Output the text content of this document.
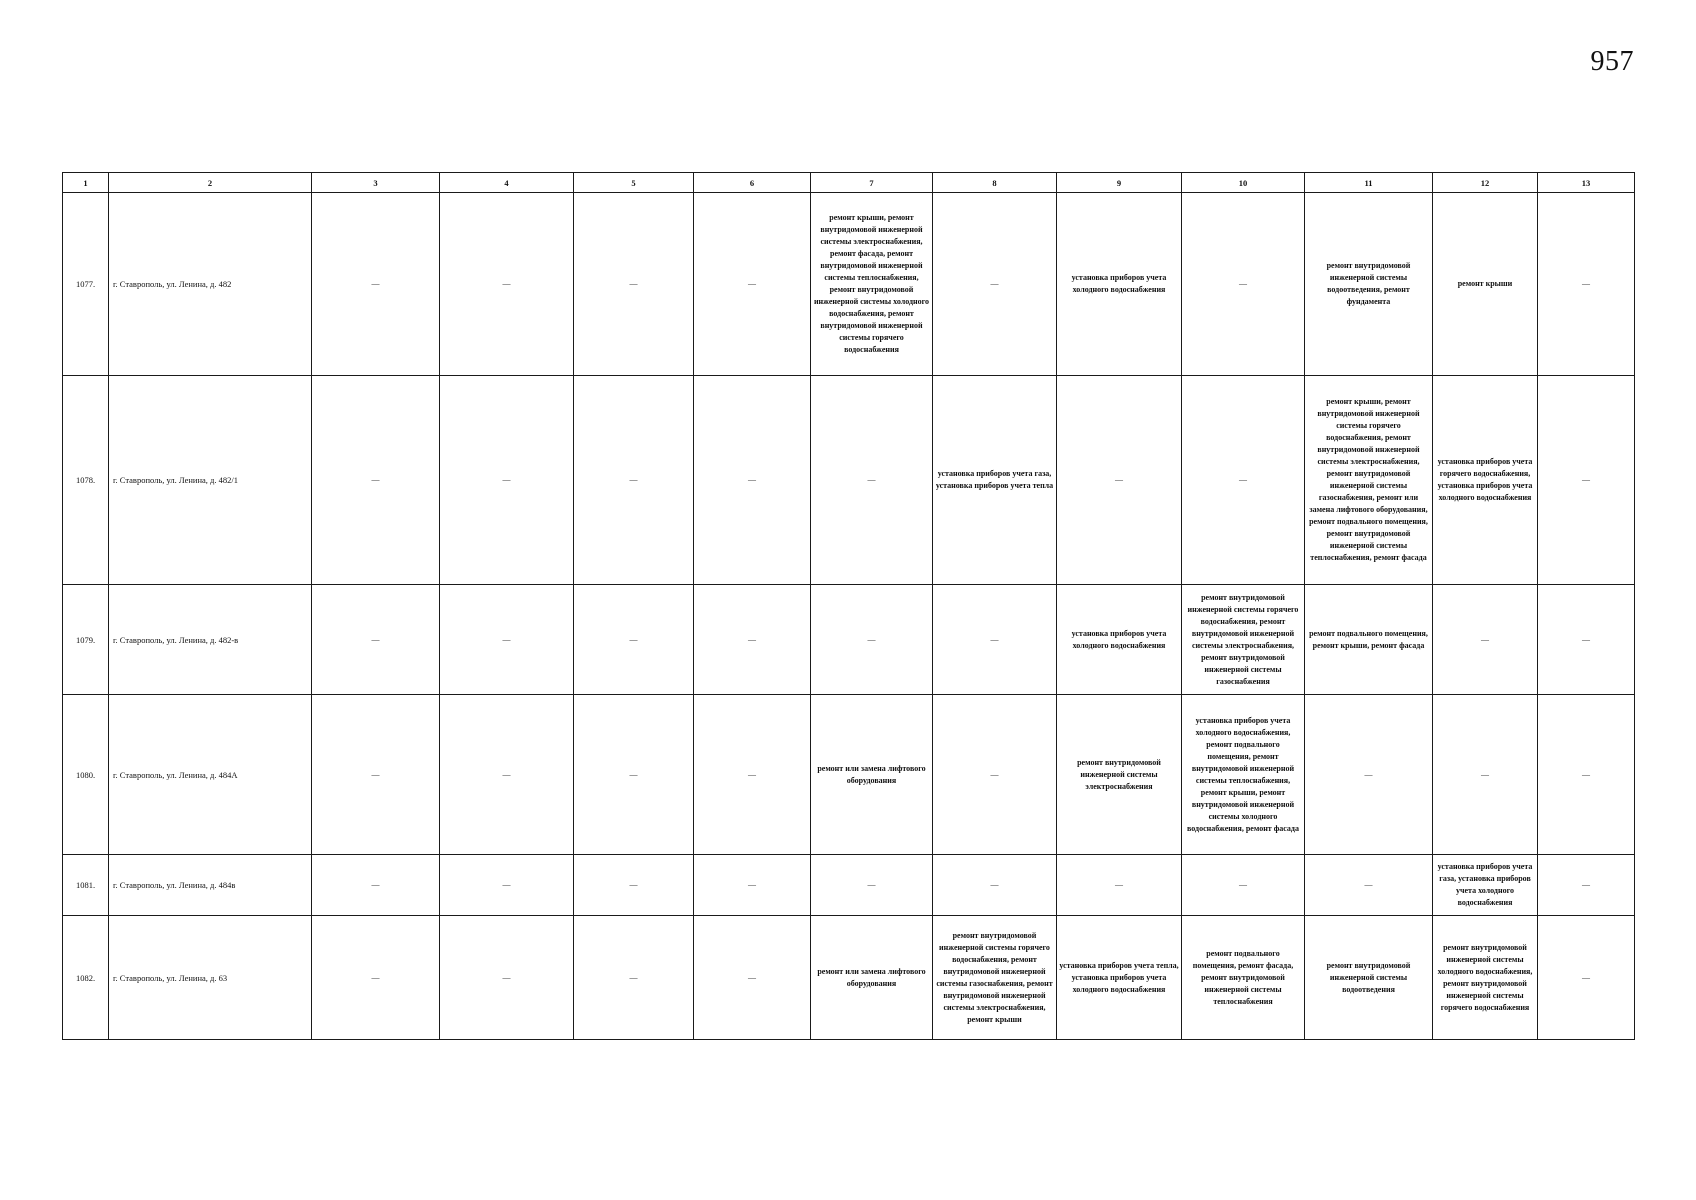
957
1	2	3	4	5	6	7	8	9	10	11	12	13
1077.	г. Ставрополь, ул. Ленина, д. 482	—	—	—	—	ремонт крыши, ремонт внутридомовой инженерной системы электроснабжения, ремонт фасада, ремонт внутридомовой инженерной системы теплоснабжения, ремонт внутридомовой инженерной системы холодного водоснабжения, ремонт внутридомовой инженерной системы горячего водоснабжения	—	установка приборов учета холодного водоснабжения	—	ремонт внутридомовой инженерной системы водоотведения, ремонт фундамента	ремонт крыши	—
1078.	г. Ставрополь, ул. Ленина, д. 482/1	—	—	—	—	—	установка приборов учета газа, установка приборов учета тепла	—	—	ремонт крыши, ремонт внутридомовой инженерной системы горячего водоснабжения, ремонт внутридомовой инженерной системы электроснабжения, ремонт внутридомовой инженерной системы газоснабжения, ремонт или замена лифтового оборудования, ремонт подвального помещения, ремонт внутридомовой инженерной системы теплоснабжения, ремонт фасада	установка приборов учета горячего водоснабжения, установка приборов учета холодного водоснабжения	—
1079.	г. Ставрополь, ул. Ленина, д. 482-в	—	—	—	—	—	—	установка приборов учета холодного водоснабжения	ремонт внутридомовой инженерной системы горячего водоснабжения, ремонт внутридомовой инженерной системы электроснабжения, ремонт внутридомовой инженерной системы газоснабжения	ремонт подвального помещения, ремонт крыши, ремонт фасада	—	—
1080.	г. Ставрополь, ул. Ленина, д. 484А	—	—	—	—	ремонт или замена лифтового оборудования	—	ремонт внутридомовой инженерной системы электроснабжения	установка приборов учета холодного водоснабжения, ремонт подвального помещения, ремонт внутридомовой инженерной системы теплоснабжения, ремонт крыши, ремонт внутридомовой инженерной системы холодного водоснабжения, ремонт фасада	—	—	—
1081.	г. Ставрополь, ул. Ленина, д. 484в	—	—	—	—	—	—	—	—	—	установка приборов учета газа, установка приборов учета холодного водоснабжения	—
1082.	г. Ставрополь, ул. Ленина, д. 63	—	—	—	—	ремонт или замена лифтового оборудования	ремонт внутридомовой инженерной системы горячего водоснабжения, ремонт внутридомовой инженерной системы газоснабжения, ремонт внутридомовой инженерной системы электроснабжения, ремонт крыши	установка приборов учета тепла, установка приборов учета холодного водоснабжения	ремонт подвального помещения, ремонт фасада, ремонт внутридомовой инженерной системы теплоснабжения	ремонт внутридомовой инженерной системы водоотведения	ремонт внутридомовой инженерной системы холодного водоснабжения, ремонт внутридомовой инженерной системы горячего водоснабжения	—
